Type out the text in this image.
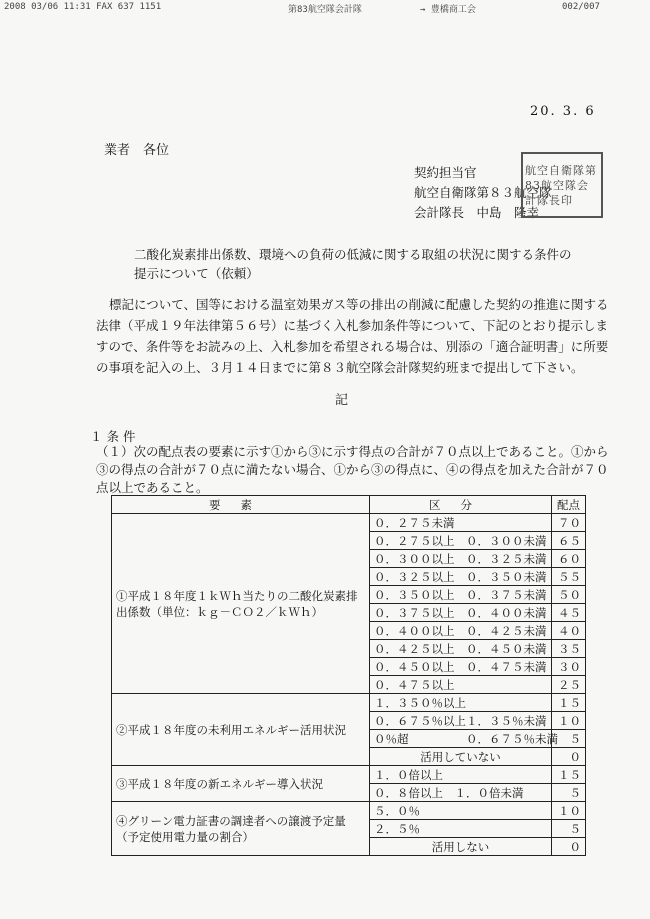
2008 03/06 11:31 FAX 637 1151	第83航空隊会計隊	→ 豊橋商工会	002/007
20. 3. 6
業者　各位
契約担当官
航空自衛隊第８３航空隊
会計隊長　中島　隆幸
航空自衛隊第83航空隊会計隊長印
二酸化炭素排出係数、環境への負荷の低減に関する取組の状況に関する条件の提示について（依頼）
標記について、国等における温室効果ガス等の排出の削減に配慮した契約の推進に関する法律（平成１９年法律第５６号）に基づく入札参加条件等について、下記のとおり提示しますので、条件等をお読みの上、入札参加を希望される場合は、別添の「適合証明書」に所要の事項を記入の上、３月１４日までに第８３航空隊会計隊契約班まで提出して下さい。
記
１ 条 件
（１）次の配点表の要素に示す①から③に示す得点の合計が７０点以上であること。①から③の得点の合計が７０点に満たない場合、①から③の得点に、④の得点を加えた合計が７０点以上であること。
要素	区分	配点
①平成１８年度１ｋＷｈ当たりの二酸化炭素排出係数（単位：ｋｇ－ＣＯ２／ｋＷｈ）	０．２７５未満	７０
	０．２７５以上　０．３００未満	６５
	０．３００以上　０．３２５未満	６０
	０．３２５以上　０．３５０未満	５５
	０．３５０以上　０．３７５未満	５０
	０．３７５以上　０．４００未満	４５
	０．４００以上　０．４２５未満	４０
	０．４２５以上　０．４５０未満	３５
	０．４５０以上　０．４７５未満	３０
	０．４７５以上	２５
②平成１８年度の未利用エネルギー活用状況	１．３５０％以上	１５
	０．６７５％以上１．３５％未満	１０
	０％超　　　　　０．６７５％未満	５
	活用していない	０
③平成１８年度の新エネルギー導入状況	１．０倍以上	１５
	０．８倍以上　１．０倍未満	５
④グリーン電力証書の調達者への譲渡予定量（予定使用電力量の割合）	５．０％	１０
	２．５％	５
	活用しない	０
